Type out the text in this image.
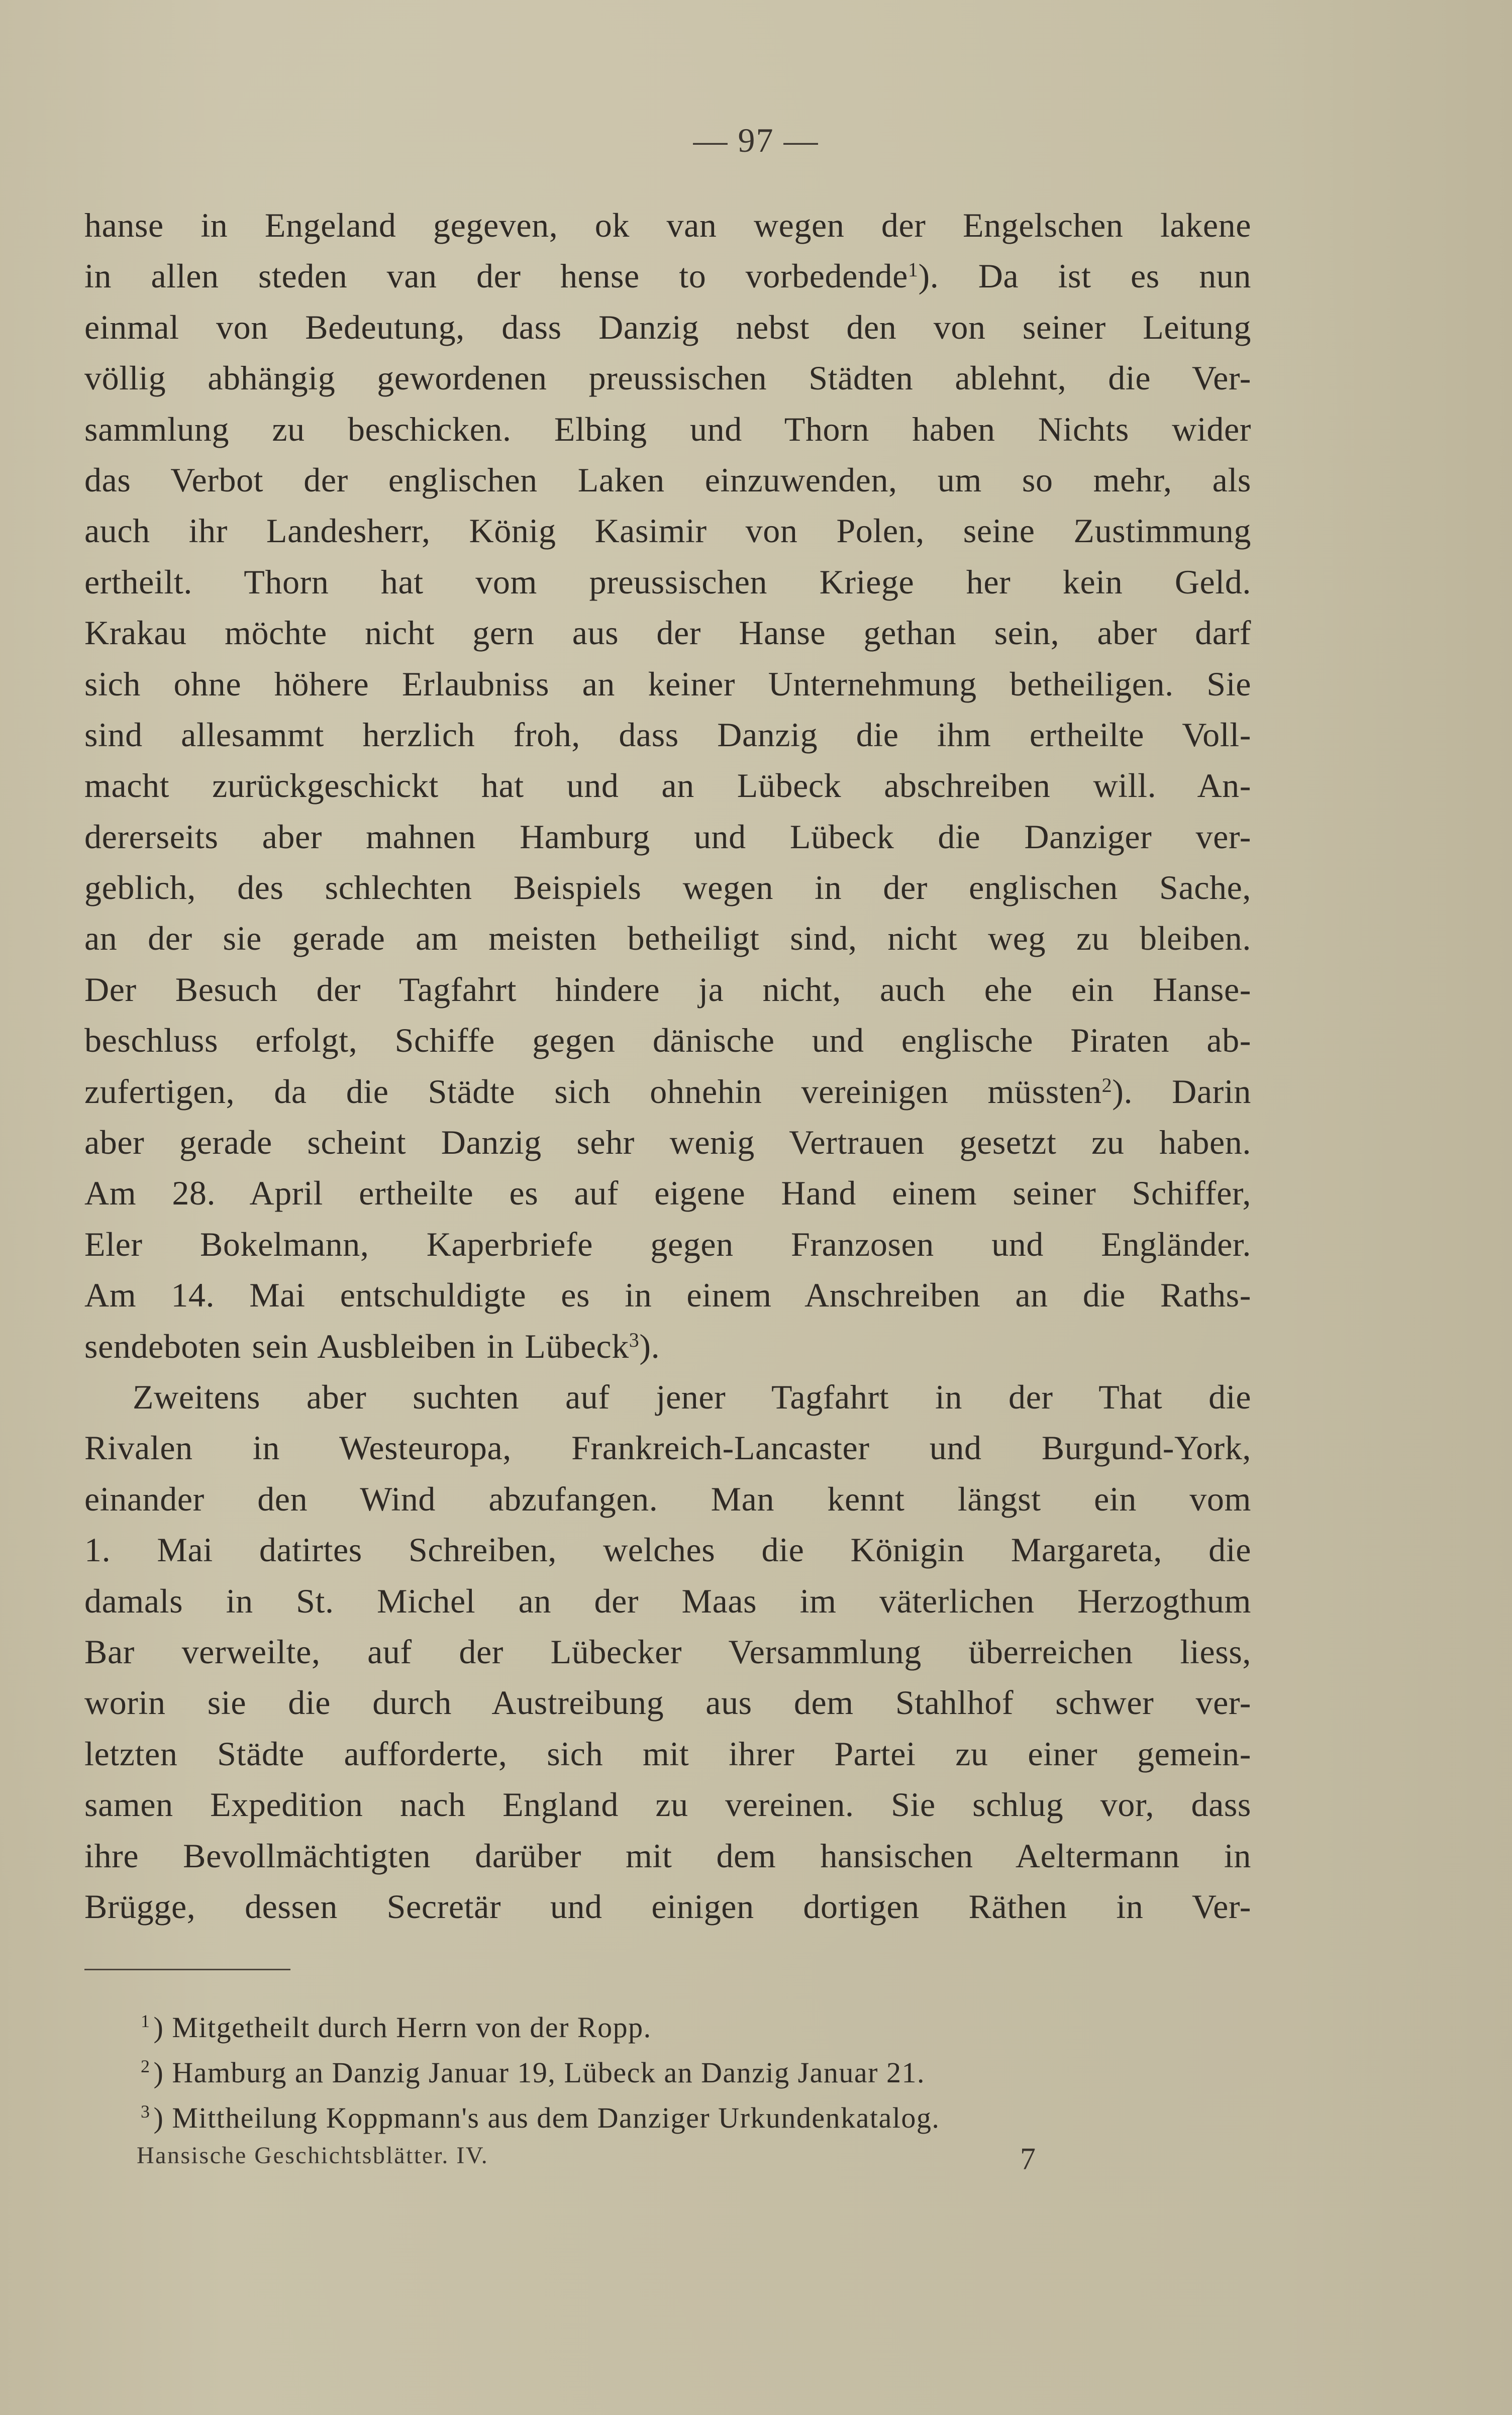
— 97 —
hanse in Engeland gegeven, ok van wegen der Engelschen lakene
in allen steden van der hense to vorbedende$^1$). Da ist es nun
einmal von Bedeutung, dass Danzig nebst den von seiner Leitung
völlig abhängig gewordenen preussischen Städten ablehnt, die Ver-
sammlung zu beschicken. Elbing und Thorn haben Nichts wider
das Verbot der englischen Laken einzuwenden, um so mehr, als
auch ihr Landesherr, König Kasimir von Polen, seine Zustimmung
ertheilt. Thorn hat vom preussischen Kriege her kein Geld.
Krakau möchte nicht gern aus der Hanse gethan sein, aber darf
sich ohne höhere Erlaubniss an keiner Unternehmung betheiligen. Sie
sind allesammt herzlich froh, dass Danzig die ihm ertheilte Voll-
macht zurückgeschickt hat und an Lübeck abschreiben will. An-
dererseits aber mahnen Hamburg und Lübeck die Danziger ver-
geblich, des schlechten Beispiels wegen in der englischen Sache,
an der sie gerade am meisten betheiligt sind, nicht weg zu bleiben.
Der Besuch der Tagfahrt hindere ja nicht, auch ehe ein Hanse-
beschluss erfolgt, Schiffe gegen dänische und englische Piraten ab-
zufertigen, da die Städte sich ohnehin vereinigen müssten$^2$). Darin
aber gerade scheint Danzig sehr wenig Vertrauen gesetzt zu haben.
Am 28. April ertheilte es auf eigene Hand einem seiner Schiffer,
Eler Bokelmann, Kaperbriefe gegen Franzosen und Engländer.
Am 14. Mai entschuldigte es in einem Anschreiben an die Raths-
sendeboten sein Ausbleiben in Lübeck$^3$).
Zweitens aber suchten auf jener Tagfahrt in der That die
Rivalen in Westeuropa, Frankreich-Lancaster und Burgund-York,
einander den Wind abzufangen. Man kennt längst ein vom
1. Mai datirtes Schreiben, welches die Königin Margareta, die
damals in St. Michel an der Maas im väterlichen Herzogthum
Bar verweilte, auf der Lübecker Versammlung überreichen liess,
worin sie die durch Austreibung aus dem Stahlhof schwer ver-
letzten Städte aufforderte, sich mit ihrer Partei zu einer gemein-
samen Expedition nach England zu vereinen. Sie schlug vor, dass
ihre Bevollmächtigten darüber mit dem hansischen Aeltermann in
Brügge, dessen Secretär und einigen dortigen Räthen in Ver-
$^1$ ) Mitgetheilt durch Herrn von der Ropp.
$^2$ ) Hamburg an Danzig Januar 19, Lübeck an Danzig Januar 21.
$^3$ ) Mittheilung Koppmann's aus dem Danziger Urkundenkatalog.
Hansische Geschichtsblätter. IV.	7
